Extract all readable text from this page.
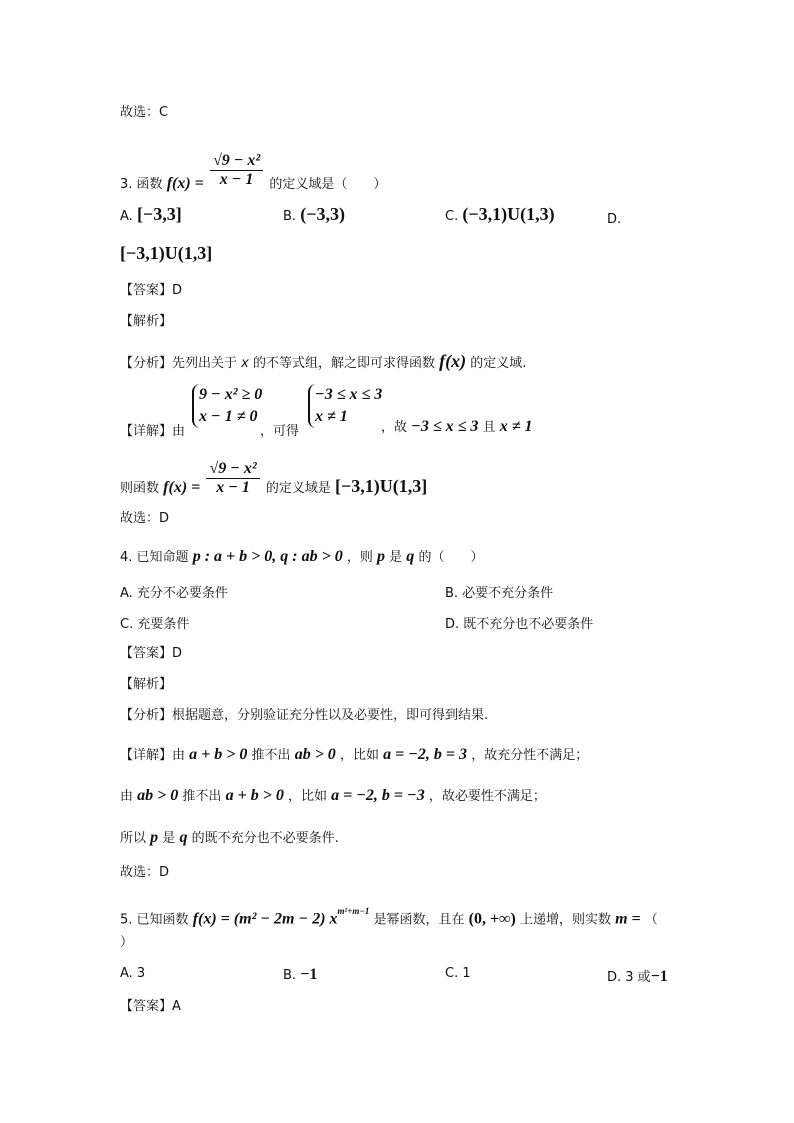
故选：C
3. 函数 $f(x) = \frac{\text{√9 − x²}}{x - 1}$ 的定义域是（　　）
A. [−3,3]	B. (−3,3)	C. (−3,1)U(1,3)	D.
[−3,1)U(1,3]
【答案】D
【解析】
【分析】先列出关于 x 的不等式组，解之即可求得函数 f(x) 的定义域.
【详解】由
9 − x² ≥ 0
x − 1 ≠ 0
，可得
−3 ≤ x ≤ 3
x ≠ 1
，故 −3 ≤ x ≤ 3 且 x ≠ 1
则函数 $f(x) = \frac{\text{√9 − x²}}{x - 1}$ 的定义域是 [−3,1)U(1,3]
故选：D
4. 已知命题 p : a + b > 0, q : ab > 0 ，则 p 是 q 的（　　）
A. 充分不必要条件	B. 必要不充分条件
C. 充要条件	D. 既不充分也不必要条件
【答案】D
【解析】
【分析】根据题意，分别验证充分性以及必要性，即可得到结果.
【详解】由 a + b > 0 推不出 ab > 0 ，比如 a = −2, b = 3 ，故充分性不满足；
由 ab > 0 推不出 a + b > 0 ，比如 a = −2, b = −3 ，故必要性不满足；
所以 p 是 q 的既不充分也不必要条件.
故选：D
5. 已知函数 f(x) = (m² − 2m − 2) $x^{m^2+m-1}$ 是幂函数，且在 (0, +∞) 上递增，则实数 m = （
）
A. 3	B. −1	C. 1	D. 3 或−1
【答案】A
